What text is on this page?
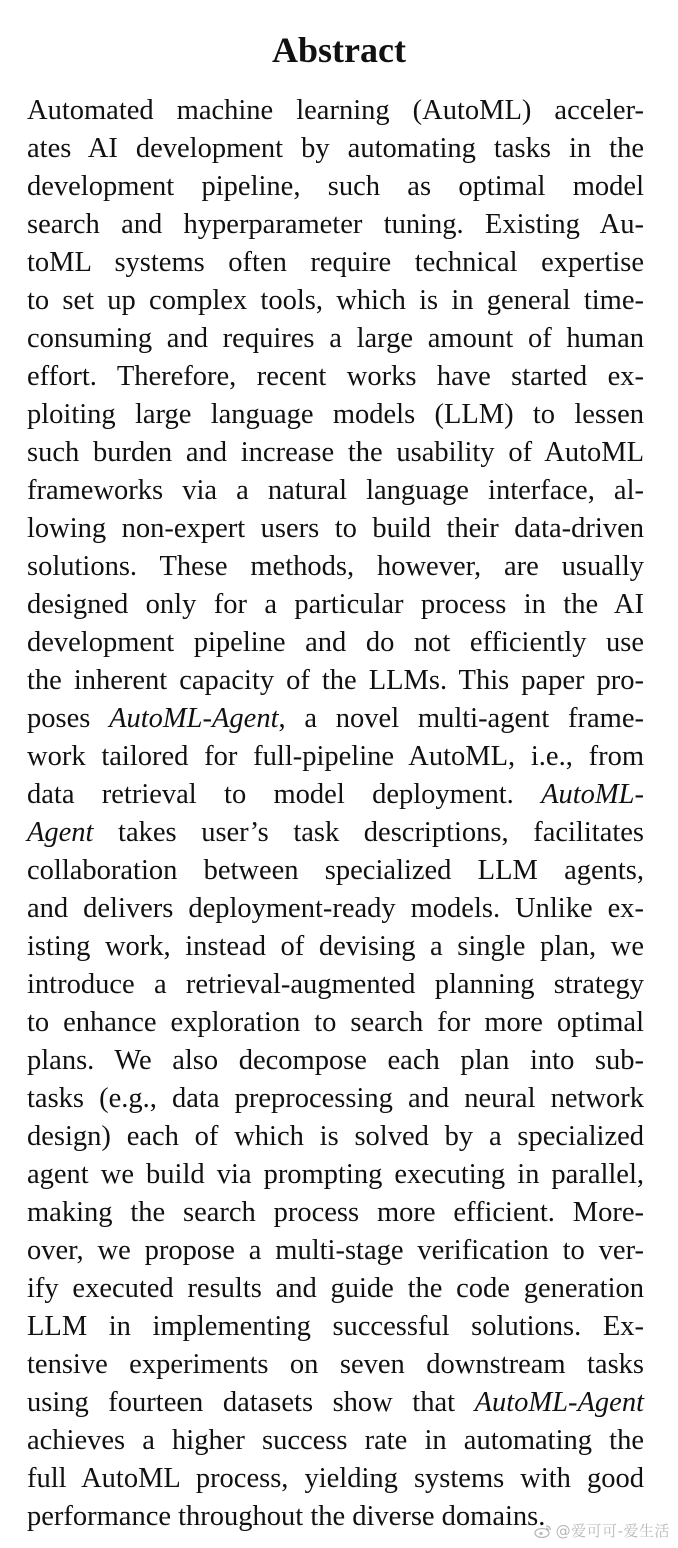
Abstract
Automated machine learning (AutoML) acceler-
ates AI development by automating tasks in the
development pipeline, such as optimal model
search and hyperparameter tuning. Existing Au-
toML systems often require technical expertise
to set up complex tools, which is in general time-
consuming and requires a large amount of human
effort. Therefore, recent works have started ex-
ploiting large language models (LLM) to lessen
such burden and increase the usability of AutoML
frameworks via a natural language interface, al-
lowing non-expert users to build their data-driven
solutions. These methods, however, are usually
designed only for a particular process in the AI
development pipeline and do not efficiently use
the inherent capacity of the LLMs. This paper pro-
poses AutoML-Agent, a novel multi-agent frame-
work tailored for full-pipeline AutoML, i.e., from
data retrieval to model deployment. AutoML-
Agent takes user’s task descriptions, facilitates
collaboration between specialized LLM agents,
and delivers deployment-ready models. Unlike ex-
isting work, instead of devising a single plan, we
introduce a retrieval-augmented planning strategy
to enhance exploration to search for more optimal
plans. We also decompose each plan into sub-
tasks (e.g., data preprocessing and neural network
design) each of which is solved by a specialized
agent we build via prompting executing in parallel,
making the search process more efficient. More-
over, we propose a multi-stage verification to ver-
ify executed results and guide the code generation
LLM in implementing successful solutions. Ex-
tensive experiments on seven downstream tasks
using fourteen datasets show that AutoML-Agent
achieves a higher success rate in automating the
full AutoML process, yielding systems with good
performance throughout the diverse domains. @爱可可-爱生活
